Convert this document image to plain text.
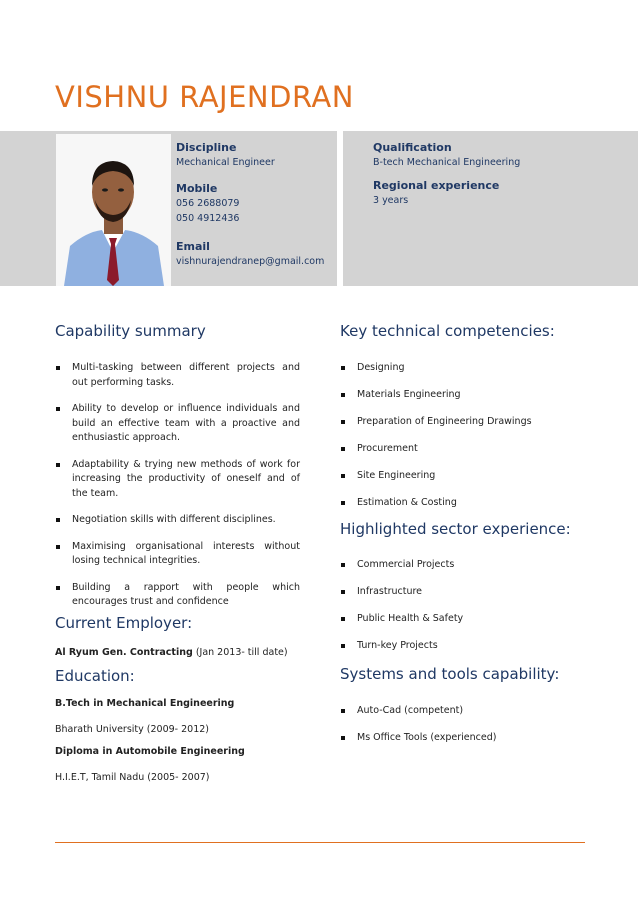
VISHNU RAJENDRAN
Discipline
Mechanical Engineer
Mobile
056 2688079
050 4912436
Email
vishnurajendranep@gmail.com
Qualification
B-tech Mechanical Engineering
Regional experience
3 years
Capability summary
Multi-tasking between different projects and out performing tasks.
Ability to develop or influence individuals and build an effective team with a proactive and enthusiastic approach.
Adaptability & trying new methods of work for increasing the productivity of oneself and of the team.
Negotiation skills with different disciplines.
Maximising organisational interests without losing technical integrities.
Building a rapport with people which encourages trust and confidence
Current Employer:

Al Ryum Gen. Contracting (Jan 2013- till date)

Education:

B.Tech in Mechanical Engineering

Bharath University (2009- 2012)

Diploma in Automobile Engineering

H.I.E.T, Tamil Nadu (2005- 2007)

Key technical competencies:
Designing
Materials Engineering
Preparation of Engineering Drawings
Procurement
Site Engineering
Estimation & Costing
Highlighted sector experience:
Commercial Projects
Infrastructure
Public Health & Safety
Turn-key Projects
Systems and tools capability:
Auto-Cad (competent)
Ms Office Tools (experienced)
